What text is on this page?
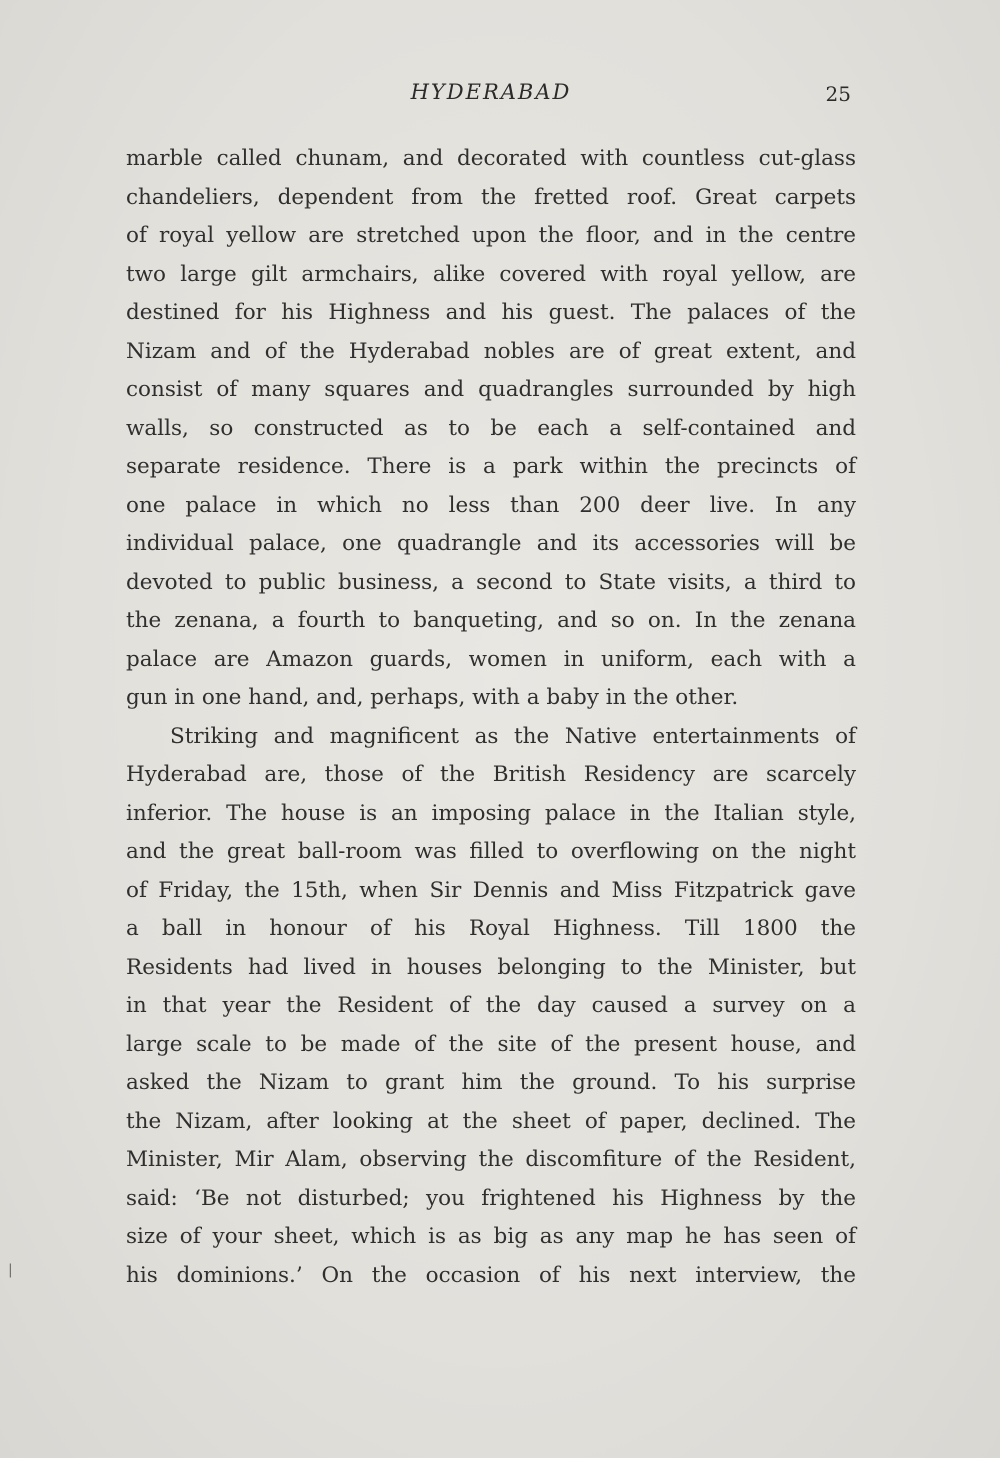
HYDERABAD	25
marble called chunam, and decorated with countless cut-glass
chandeliers, dependent from the fretted roof. Great carpets
of royal yellow are stretched upon the floor, and in the centre
two large gilt armchairs, alike covered with royal yellow, are
destined for his Highness and his guest. The palaces of the
Nizam and of the Hyderabad nobles are of great extent, and
consist of many squares and quadrangles surrounded by high
walls, so constructed as to be each a self-contained and
separate residence. There is a park within the precincts of
one palace in which no less than 200 deer live. In any
individual palace, one quadrangle and its accessories will be
devoted to public business, a second to State visits, a third to
the zenana, a fourth to banqueting, and so on. In the zenana
palace are Amazon guards, women in uniform, each with a
gun in one hand, and, perhaps, with a baby in the other.
Striking and magnificent as the Native entertainments of
Hyderabad are, those of the British Residency are scarcely
inferior. The house is an imposing palace in the Italian style,
and the great ball-room was filled to overflowing on the night
of Friday, the 15th, when Sir Dennis and Miss Fitzpatrick gave
a ball in honour of his Royal Highness. Till 1800 the
Residents had lived in houses belonging to the Minister, but
in that year the Resident of the day caused a survey on a
large scale to be made of the site of the present house, and
asked the Nizam to grant him the ground. To his surprise
the Nizam, after looking at the sheet of paper, declined. The
Minister, Mir Alam, observing the discomfiture of the Resident,
said: ‘Be not disturbed; you frightened his Highness by the
size of your sheet, which is as big as any map he has seen of
his dominions.’ On the occasion of his next interview, the
|
